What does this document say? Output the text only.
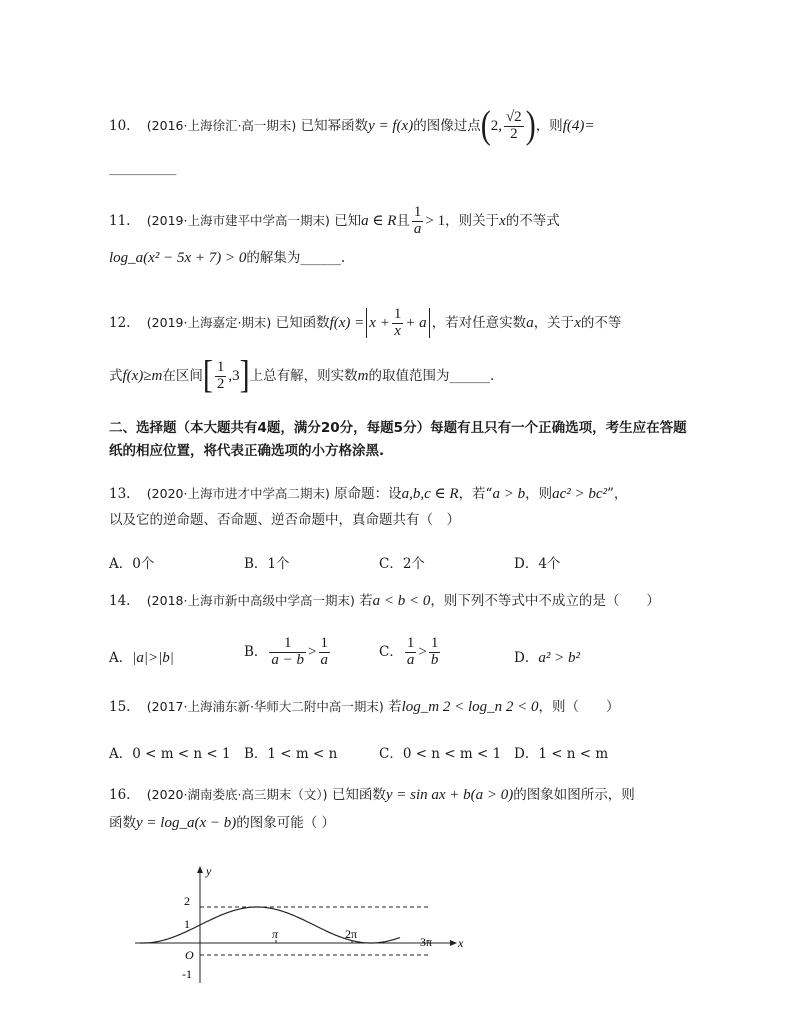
10. (2016·上海徐汇·高一期末) 已知幂函数y = f(x)的图像过点(2, $\frac{√2}{2}$ )，则f(4)=
__________
11. (2019·上海市建平中学高一期末) 已知a ∈ R且 $\frac{1}{a} > 1$，则关于x的不等式
log_a(x² − 5x + 7) > 0的解集为______.
12. (2019·上海嘉定·期末) 已知函数$f(x) = x + \frac{1}{x} + a$ ，若对任意实数a，关于x的不等
式f(x)≥m在区间[ $\frac{1}{2} ,3$]上总有解，则实数m的取值范围为______.
二、选择题（本大题共有4题，满分20分，每题5分）每题有且只有一个正确选项，考生应在答题
纸的相应位置，将代表正确选项的小方格涂黑.
13. (2020·上海市进才中学高二期末) 原命题：设a,b,c ∈ R，若“a > b，则ac² > bc²”，
以及它的逆命题、否命题、逆否命题中，真命题共有（　）
A．0个	B．1个	C．2个	D．4个
14. (2018·上海市新中高级中学高一期末) 若a < b < 0，则下列不等式中不成立的是（　　）
A．|a|>|b|	B． $\frac{1}{a - b} > \frac{1}{a}$	C． $\frac{1}{a} > \frac{1}{b}$	D．a² > b²
15. (2017·上海浦东新·华师大二附中高一期末) 若log_m 2 < log_n 2 < 0，则（　　）
A．0 < m < n < 1 B．1 < m < n	C．0 < n < m < 1 D．1 < n < m
16. (2020·湖南娄底·高三期末（文）) 已知函数y = sin ax + b(a > 0)的图象如图所示，则
函数y = log_a(x − b)的图象可能（ ）
y
x
2
1
O
-1
π	2π
3π
